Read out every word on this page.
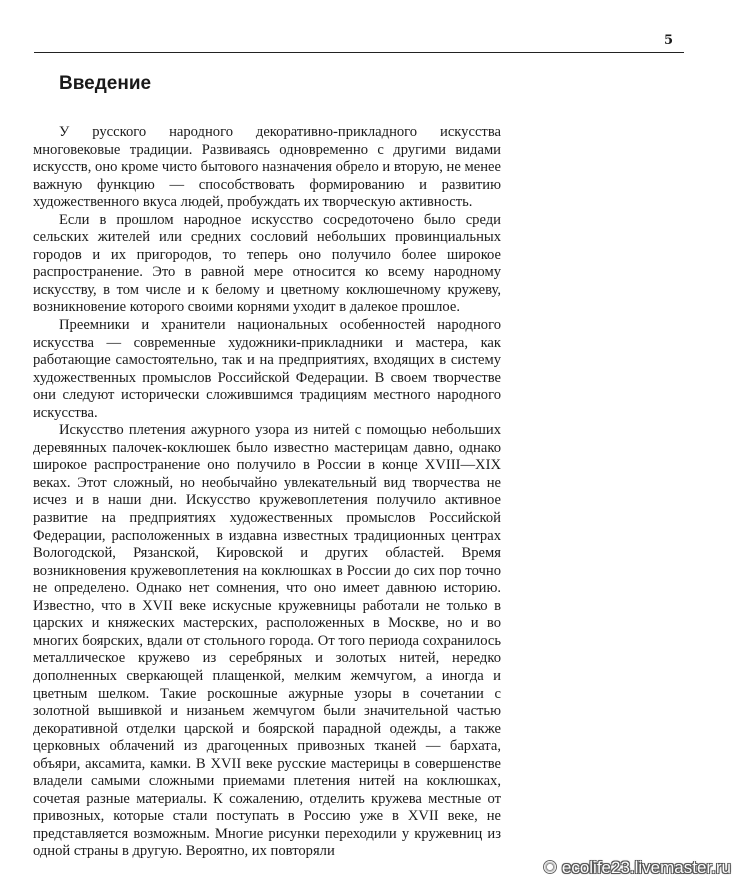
5
Введение

У русского народного декоративно-прикладного искусства многовековые традиции. Развиваясь одновременно с другими видами искусств, оно кроме чисто бытового назначения обрело и вторую, не менее важную функцию — способствовать формированию и развитию художественного вкуса людей, пробуждать их творческую активность.

Если в прошлом народное искусство сосредоточено было среди сельских жителей или средних сословий небольших провинциальных городов и их пригородов, то теперь оно получило более широкое распространение. Это в равной мере относится ко всему народному искусству, в том числе и к белому и цветному коклюшечному кружеву, возникновение которого своими корнями уходит в далекое прошлое.

Преемники и хранители национальных особенностей народного искусства — современные художники-прикладники и мастера, как работающие самостоятельно, так и на предприятиях, входящих в систему художественных промыслов Российской Федерации. В своем творчестве они следуют исторически сложившимся традициям местного народного искусства.

Искусство плетения ажурного узора из нитей с помощью небольших деревянных палочек-коклюшек было известно мастерицам давно, однако широкое распространение оно получило в России в конце XVIII—XIX веках. Этот сложный, но необычайно увлекательный вид творчества не исчез и в наши дни. Искусство кружевоплетения получило активное развитие на предприятиях художественных промыслов Российской Федерации, расположенных в издавна известных традиционных центрах Вологодской, Рязанской, Кировской и других областей. Время возникновения кружевоплетения на коклюшках в России до сих пор точно не определено. Однако нет сомнения, что оно имеет давнюю историю. Известно, что в XVII веке искусные кружевницы работали не только в царских и княжеских мастерских, расположенных в Москве, но и во многих боярских, вдали от стольного города. От того периода сохранилось металлическое кружево из серебряных и золотых нитей, нередко дополненных сверкающей плащенкой, мелким жемчугом, а иногда и цветным шелком. Такие роскошные ажурные узоры в сочетании с золотной вышивкой и низаньем жемчугом были значительной частью декоративной отделки царской и боярской парадной одежды, а также церковных облачений из драгоценных привозных тканей — бархата, объяри, аксамита, камки. В XVII веке русские мастерицы в совершенстве владели самыми сложными приемами плетения нитей на коклюшках, сочетая разные материалы. К сожалению, отделить кружева местные от привозных, которые стали поступать в Россию уже в XVII веке, не представляется возможным. Многие рисунки переходили у кружевниц из одной страны в другую. Вероятно, их повторяли

ecolife23.livemaster.ru
